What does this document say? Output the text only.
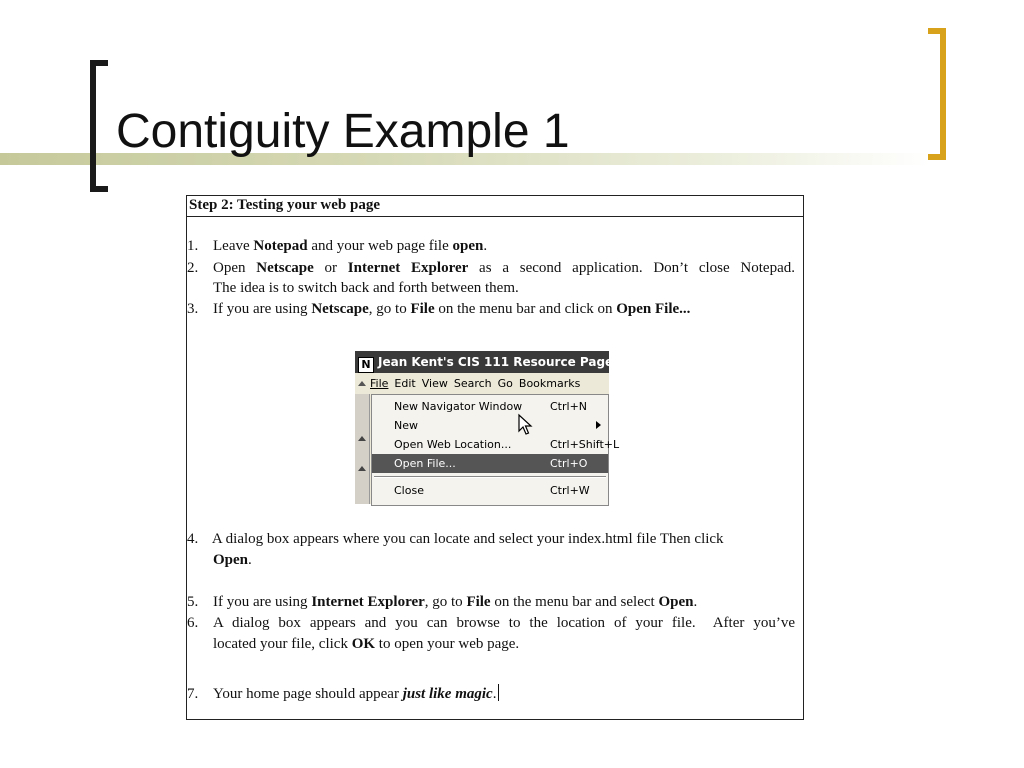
Contiguity Example 1
Step 2: Testing your web page
1. Leave Notepad and your web page file open.
2. Open Netscape or Internet Explorer as a second application. Don’t close Notepad.
The idea is to switch back and forth between them.
3. If you are using Netscape, go to File on the menu bar and click on Open File...
N Jean Kent's CIS 111 Resource Page -
File Edit View Search Go Bookmarks
New Navigator Window	Ctrl+N
New
Open Web Location...	Ctrl+Shift+L
Open File...	Ctrl+O
Close	Ctrl+W
4. A dialog box appears where you can locate and select your index.html file Then click
Open.
5. If you are using Internet Explorer, go to File on the menu bar and select Open.
6. A dialog box appears and you can browse to the location of your file.  After you’ve
located your file, click OK to open your web page.
7. Your home page should appear just like magic.
